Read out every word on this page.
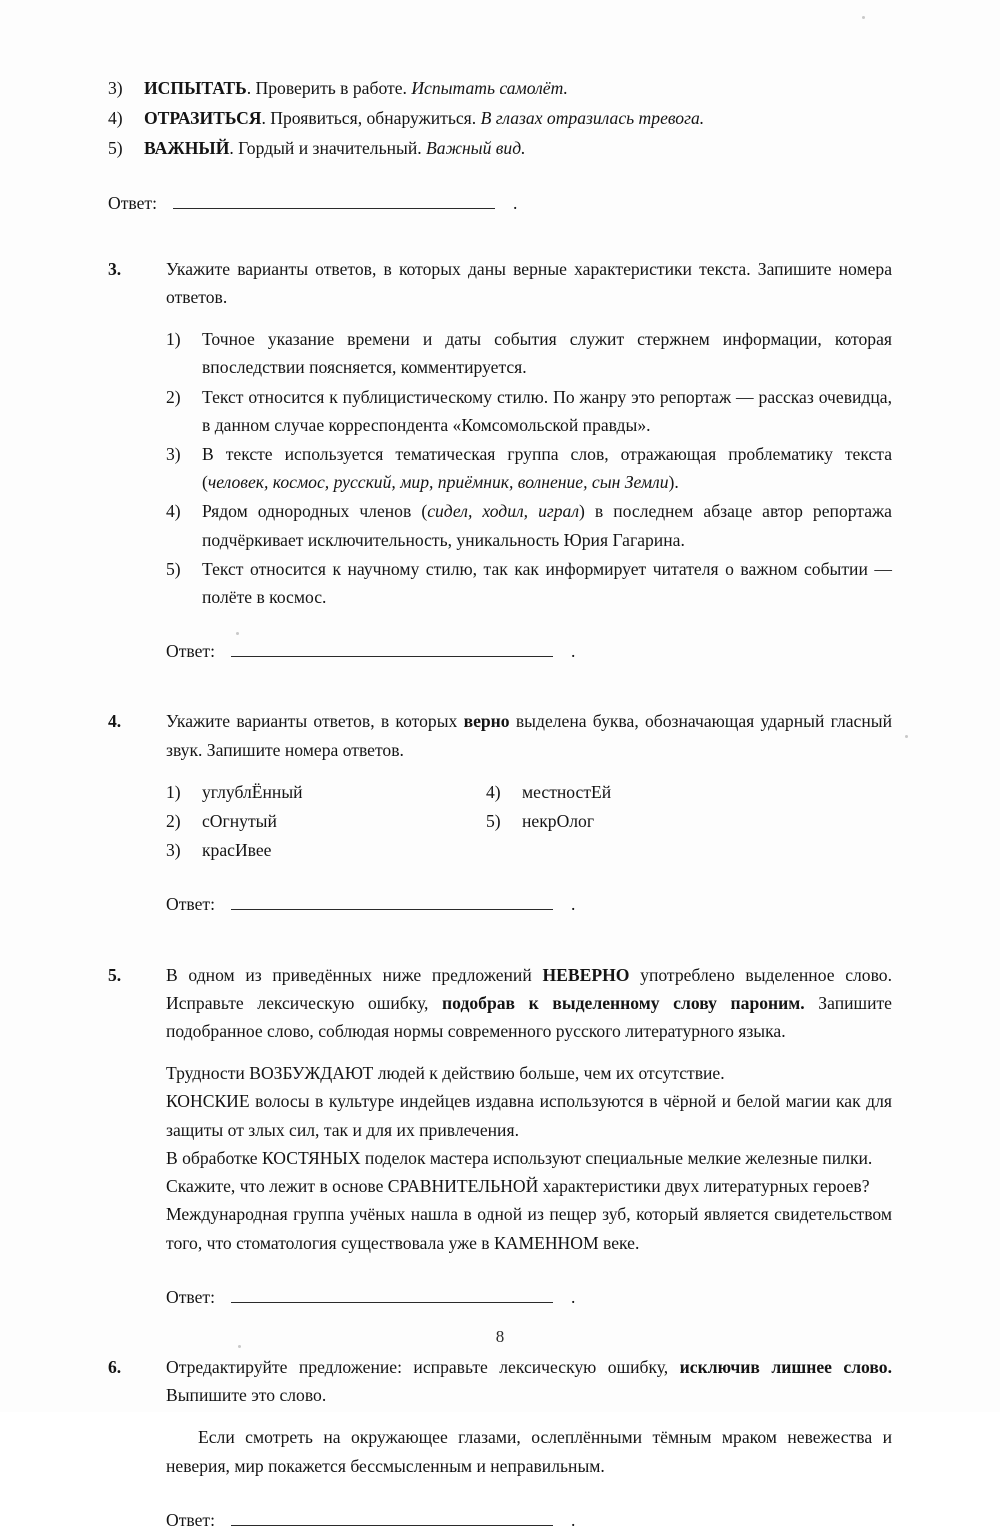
3)	ИСПЫТАТЬ. Проверить в работе. Испытать самолёт.
4)	ОТРАЗИТЬСЯ. Проявиться, обнаружиться. В глазах отразилась тревога.
5)	ВАЖНЫЙ. Гордый и значительный. Важный вид.
Ответ:	.
3.	Укажите варианты ответов, в которых даны верные характеристики текста. Запишите номера ответов.

1)	Точное указание времени и даты события служит стержнем информации, которая впоследствии поясняется, комментируется.
2)	Текст относится к публицистическому стилю. По жанру это репортаж — рассказ очевидца, в данном случае корреспондента «Комсомольской правды».
3)	В тексте используется тематическая группа слов, отражающая проблематику текста (человек, космос, русский, мир, приёмник, волнение, сын Земли).
4)	Рядом однородных членов (сидел, ходил, играл) в последнем абзаце автор репортажа подчёркивает исключительность, уникальность Юрия Гагарина.
5)	Текст относится к научному стилю, так как информирует читателя о важном событии — полёте в космос.
Ответ:	.
4.	Укажите варианты ответов, в которых верно выделена буква, обозначающая ударный гласный звук. Запишите номера ответов.

1)	углублЁнный
2)	сОгнутый
3)	красИвее
4)	местностЕй
5)	некрОлог
Ответ:	.
5.	В одном из приведённых ниже предложений НЕВЕРНО употреблено выделенное слово. Исправьте лексическую ошибку, подобрав к выделенному слову пароним. Запишите подобранное слово, соблюдая нормы современного русского литературного языка.

Трудности ВОЗБУЖДАЮТ людей к действию больше, чем их отсутствие.

КОНСКИЕ волосы в культуре индейцев издавна используются в чёрной и белой магии как для защиты от злых сил, так и для их привлечения.

В обработке КОСТЯНЫХ поделок мастера используют специальные мелкие железные пилки.

Скажите, что лежит в основе СРАВНИТЕЛЬНОЙ характеристики двух литературных героев?

Международная группа учёных нашла в одной из пещер зуб, который является свидетельством того, что стоматология существовала уже в КАМЕННОМ веке.

Ответ:	.
6.	Отредактируйте предложение: исправьте лексическую ошибку, исключив лишнее слово. Выпишите это слово.

Если смотреть на окружающее глазами, ослеплёнными тёмным мраком невежества и неверия, мир покажется бессмысленным и неправильным.

Ответ:	.
8
